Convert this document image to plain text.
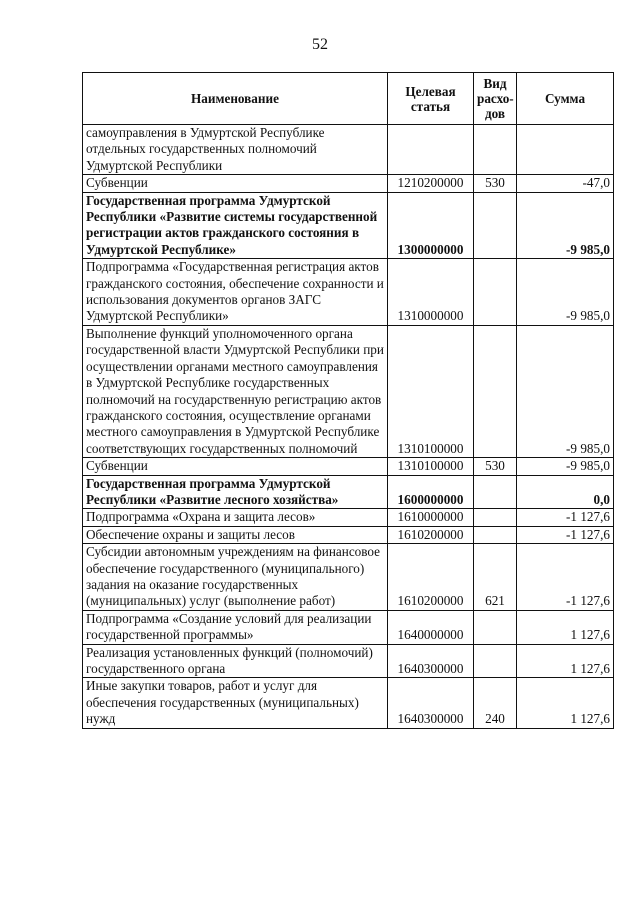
52
Наименование	Целевая статья	Вид расхо-дов	Сумма
самоуправления в Удмуртской Республике отдельных государственных полномочий Удмуртской Республики			
Субвенции	1210200000	530	-47,0
Государственная программа Удмуртской Республики «Развитие системы государственной регистрации актов гражданского состояния в Удмуртской Республике»	1300000000		-9 985,0
Подпрограмма «Государственная регистрация актов гражданского состояния, обеспечение сохранности и использования документов органов ЗАГС Удмуртской Республики»	1310000000		-9 985,0
Выполнение функций уполномоченного органа государственной власти Удмуртской Республики при осуществлении органами местного самоуправления в Удмуртской Республике государственных полномочий на государственную регистрацию актов гражданского состояния, осуществление органами местного самоуправления в Удмуртской Республике соответствующих государственных полномочий	1310100000		-9 985,0
Субвенции	1310100000	530	-9 985,0
Государственная программа Удмуртской Республики «Развитие лесного хозяйства»	1600000000		0,0
Подпрограмма «Охрана и защита лесов»	1610000000		-1 127,6
Обеспечение охраны и защиты лесов	1610200000		-1 127,6
Субсидии автономным учреждениям на финансовое обеспечение государственного (муниципального) задания на оказание государственных (муниципальных) услуг (выполнение работ)	1610200000	621	-1 127,6
Подпрограмма «Создание условий для реализации государственной программы»	1640000000		1 127,6
Реализация установленных функций (полномочий) государственного органа	1640300000		1 127,6
Иные закупки товаров, работ и услуг для обеспечения государственных (муниципальных) нужд	1640300000	240	1 127,6
